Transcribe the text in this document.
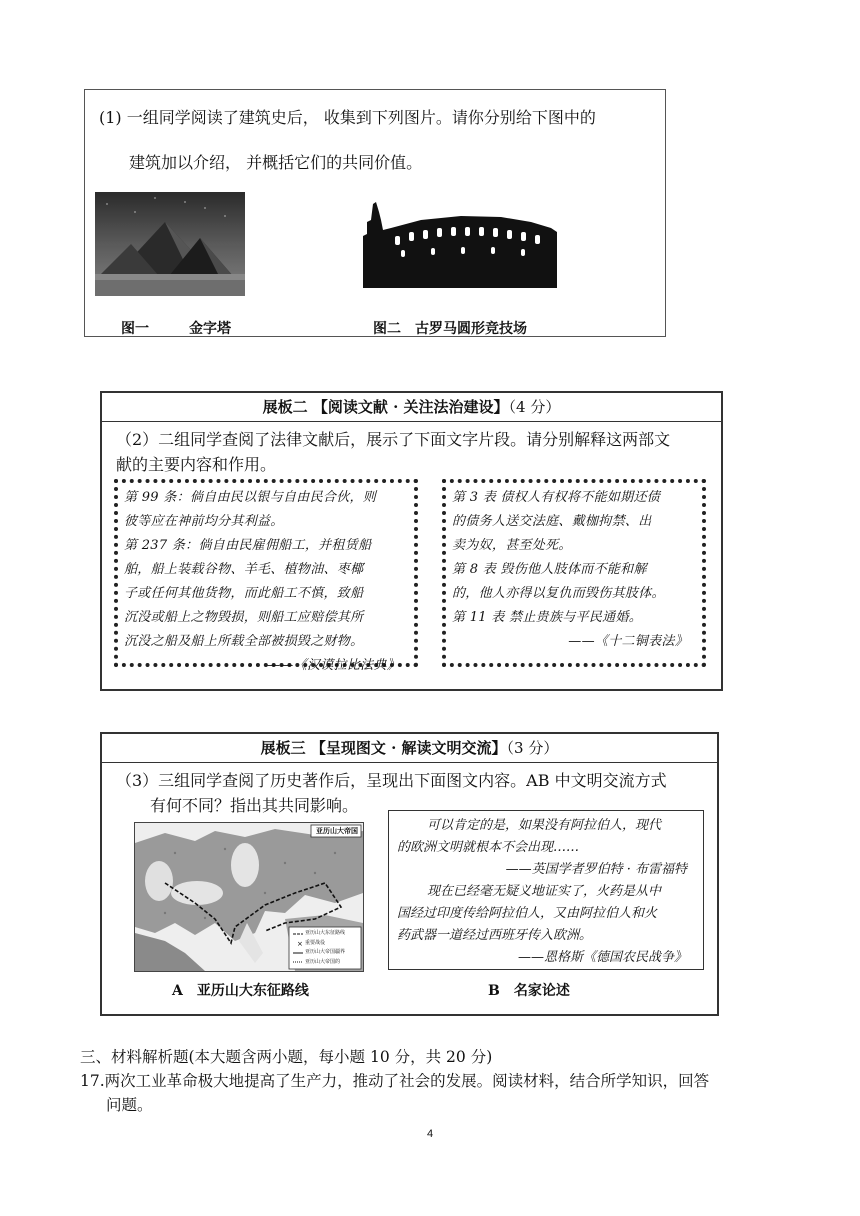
(1) 一组同学阅读了建筑史后， 收集到下列图片。请你分别给下图中的
建筑加以介绍， 并概括它们的共同价值。
图一	金字塔	图二　古罗马圆形竞技场
展板二 【阅读文献 · 关注法治建设】（4 分）
（2）二组同学查阅了法律文献后，展示了下面文字片段。请分别解释这两部文
献的主要内容和作用。
第 99 条：倘自由民以银与自由民合伙，则
彼等应在神前均分其利益。
第 237 条：倘自由民雇佣船工，并租赁船
舶，船上装载谷物、羊毛、植物油、枣椰
子或任何其他货物，而此船工不慎，致船
沉没或船上之物毁损，则船工应赔偿其所
沉没之船及船上所载全部被损毁之财物。
——《汉谟拉比法典》
第 3 表 债权人有权将不能如期还债
的债务人送交法庭、戴枷拘禁、出
卖为奴，甚至处死。
第 8 表 毁伤他人肢体而不能和解
的，他人亦得以复仇而毁伤其肢体。
第 11 表 禁止贵族与平民通婚。
——《十二铜表法》
展板三 【呈现图文 · 解读文明交流】（3 分）
（3）三组同学查阅了历史著作后，呈现出下面图文内容。AB 中文明交流方式
有何不同？指出其共同影响。
×
亚历山大帝国
亚历山大东征路线
重要战役
亚历山大帝国疆界
亚历山大帝国的
A　亚历山大东征路线
可以肯定的是，如果没有阿拉伯人，现代
的欧洲文明就根本不会出现……
——英国学者罗伯特 · 布雷福特
现在已经毫无疑义地证实了，火药是从中
国经过印度传给阿拉伯人，又由阿拉伯人和火
药武器一道经过西班牙传入欧洲。
——恩格斯《德国农民战争》
B　名家论述
三、材料解析题(本大题含两小题，每小题 10 分，共 20 分)
17.两次工业革命极大地提高了生产力，推动了社会的发展。阅读材料，结合所学知识，回答
问题。
4
